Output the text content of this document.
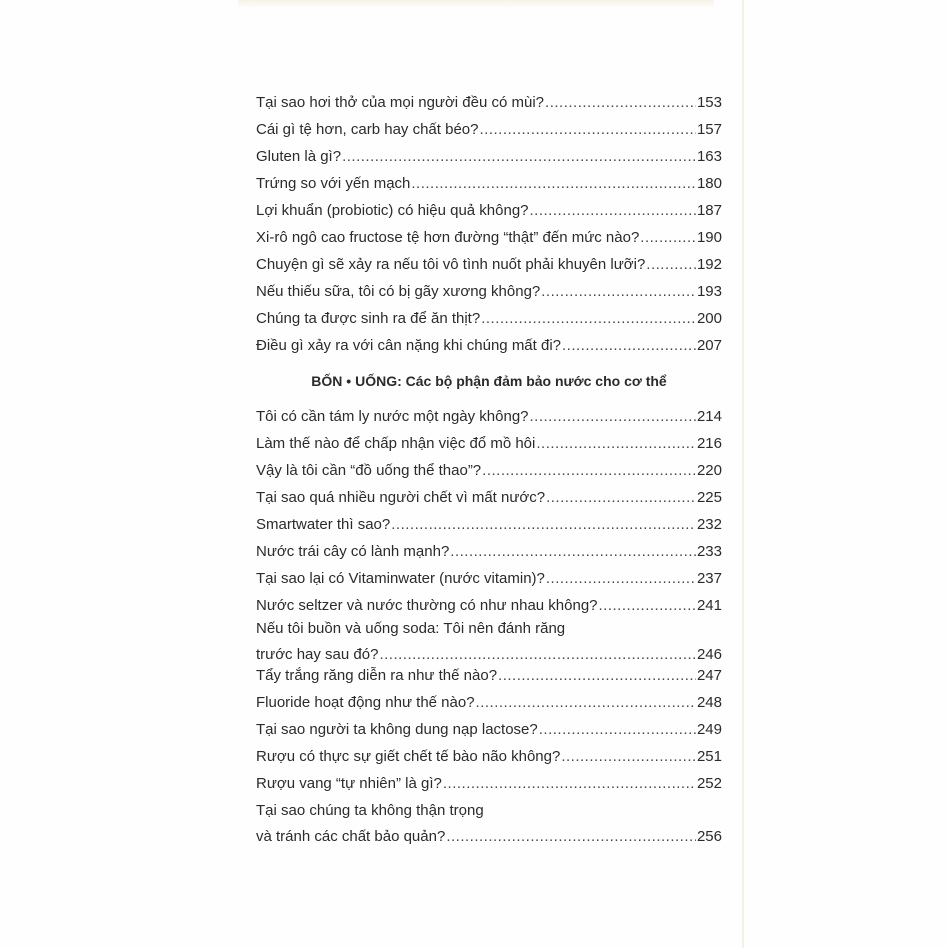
Tại sao hơi thở của mọi người đều có mùi? .....	153
Cái gì tệ hơn, carb hay chất béo? .....	157
Gluten là gì? .....	163
Trứng so với yến mạch .....	180
Lợi khuẩn (probiotic) có hiệu quả không? .....	187
Xi-rô ngô cao fructose tệ hơn đường “thật” đến mức nào? .....	190
Chuyện gì sẽ xảy ra nếu tôi vô tình nuốt phải khuyên lưỡi? .....	192
Nếu thiếu sữa, tôi có bị gãy xương không? .....	193
Chúng ta được sinh ra để ăn thịt? .....	200
Điều gì xảy ra với cân nặng khi chúng mất đi? .....	207
BỐN • UỐNG: Các bộ phận đảm bảo nước cho cơ thể
Tôi có cần tám ly nước một ngày không? .....	214
Làm thế nào để chấp nhận việc đổ mồ hôi .....	216
Vậy là tôi cần “đồ uống thể thao”? .....	220
Tại sao quá nhiều người chết vì mất nước? .....	225
Smartwater thì sao? .....	232
Nước trái cây có lành mạnh? .....	233
Tại sao lại có Vitaminwater (nước vitamin)? .....	237
Nước seltzer và nước thường có như nhau không? .....	241
Nếu tôi buồn và uống soda: Tôi nên đánh răng
trước hay sau đó? .....	246
Tẩy trắng răng diễn ra như thế nào? .....	247
Fluoride hoạt động như thế nào? .....	248
Tại sao người ta không dung nạp lactose? .....	249
Rượu có thực sự giết chết tế bào não không? .....	251
Rượu vang “tự nhiên” là gì? .....	252
Tại sao chúng ta không thận trọng
và tránh các chất bảo quản? .....	256
